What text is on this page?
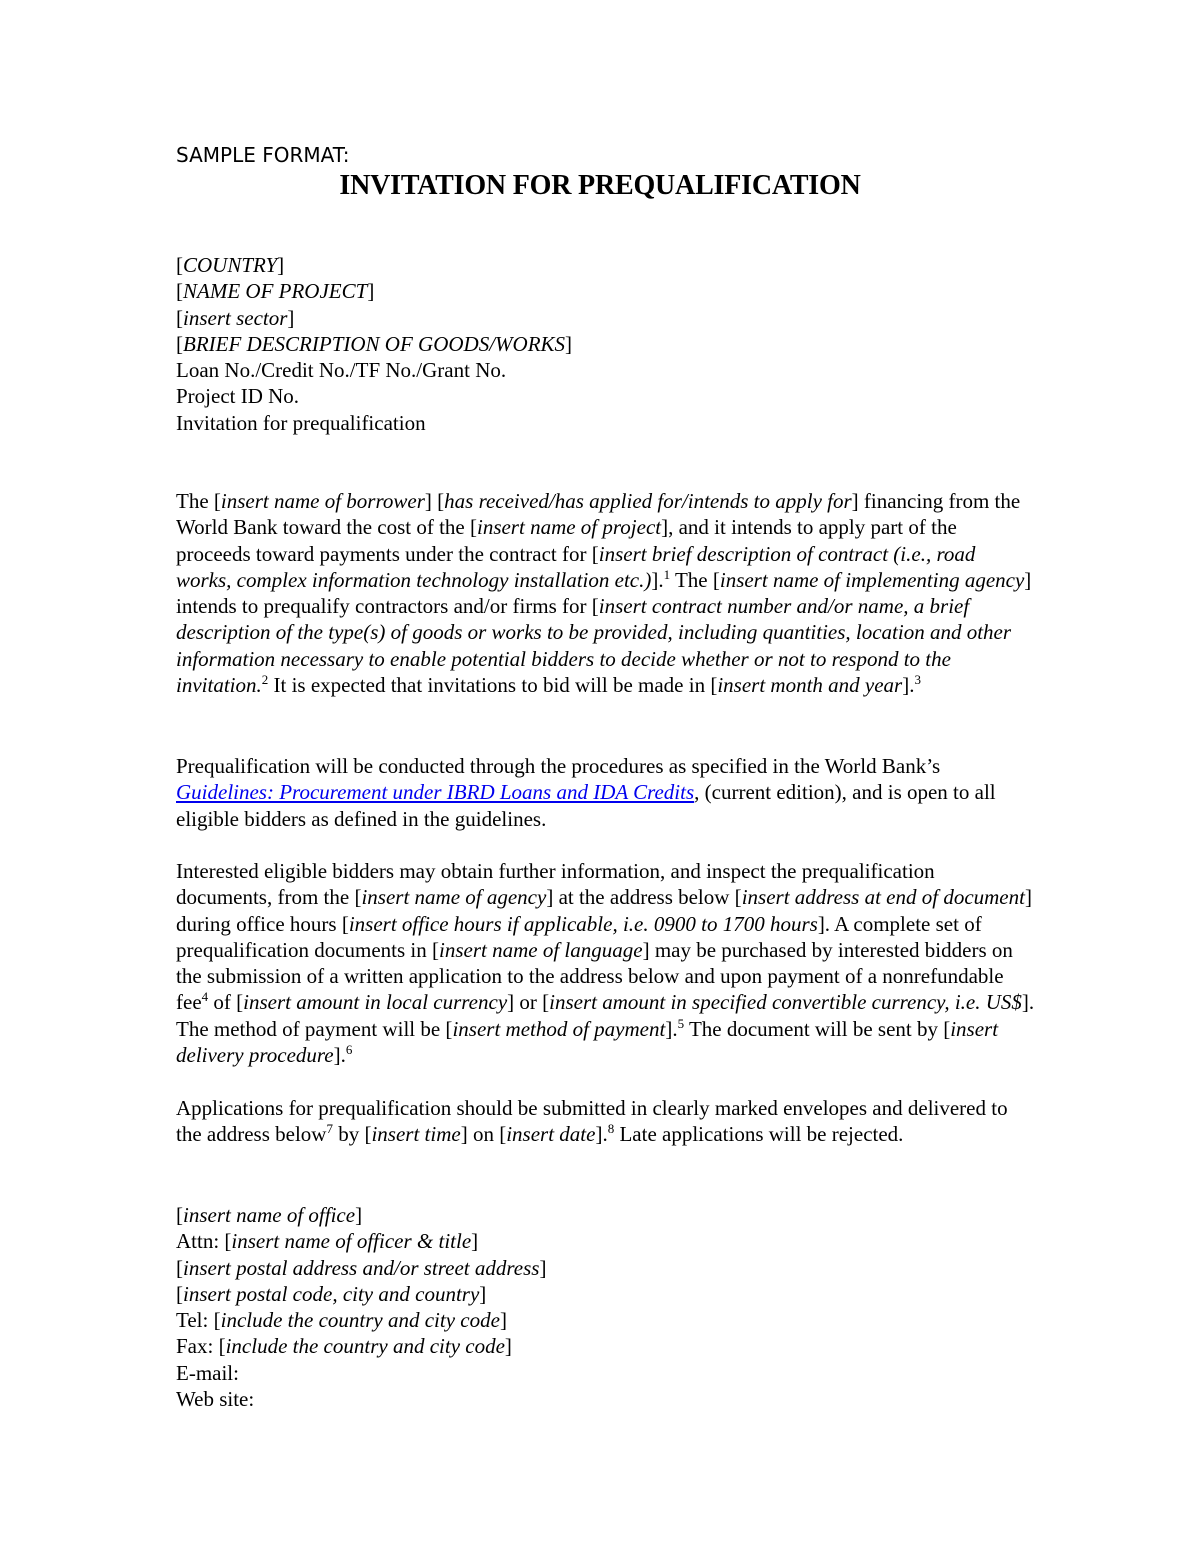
SAMPLE FORMAT:
INVITATION FOR PREQUALIFICATION
[COUNTRY]
[NAME OF PROJECT]
[insert sector]
[BRIEF DESCRIPTION OF GOODS/WORKS]
Loan No./Credit No./TF No./Grant No.
Project ID No.
Invitation for prequalification
The [insert name of borrower] [has received/has applied for/intends to apply for] financing from the World Bank toward the cost of the [insert name of project], and it intends to apply part of the proceeds toward payments under the contract for [insert brief description of contract (i.e., road works, complex information technology installation etc.)].$^1$ The [insert name of implementing agency] intends to prequalify contractors and/or firms for [insert contract number and/or name, a brief description of the type(s) of goods or works to be provided, including quantities, location and other information necessary to enable potential bidders to decide whether or not to respond to the invitation.$^2$ It is expected that invitations to bid will be made in [insert month and year].$^3$
Prequalification will be conducted through the procedures as specified in the World Bank’s Guidelines: Procurement under IBRD Loans and IDA Credits, (current edition), and is open to all eligible bidders as defined in the guidelines.
Interested eligible bidders may obtain further information, and inspect the prequalification documents, from the [insert name of agency] at the address below [insert address at end of document] during office hours [insert office hours if applicable, i.e. 0900 to 1700 hours]. A complete set of prequalification documents in [insert name of language] may be purchased by interested bidders on the submission of a written application to the address below and upon payment of a nonrefundable fee$^4$ of [insert amount in local currency] or [insert amount in specified convertible currency, i.e. US$]. The method of payment will be [insert method of payment].$^5$ The document will be sent by [insert delivery procedure].$^6$
Applications for prequalification should be submitted in clearly marked envelopes and delivered to the address below$^7$ by [insert time] on [insert date].$^8$ Late applications will be rejected.
[insert name of office]
Attn: [insert name of officer & title]
[insert postal address and/or street address]
[insert postal code, city and country]
Tel: [include the country and city code]
Fax: [include the country and city code]
E-mail:
Web site:
